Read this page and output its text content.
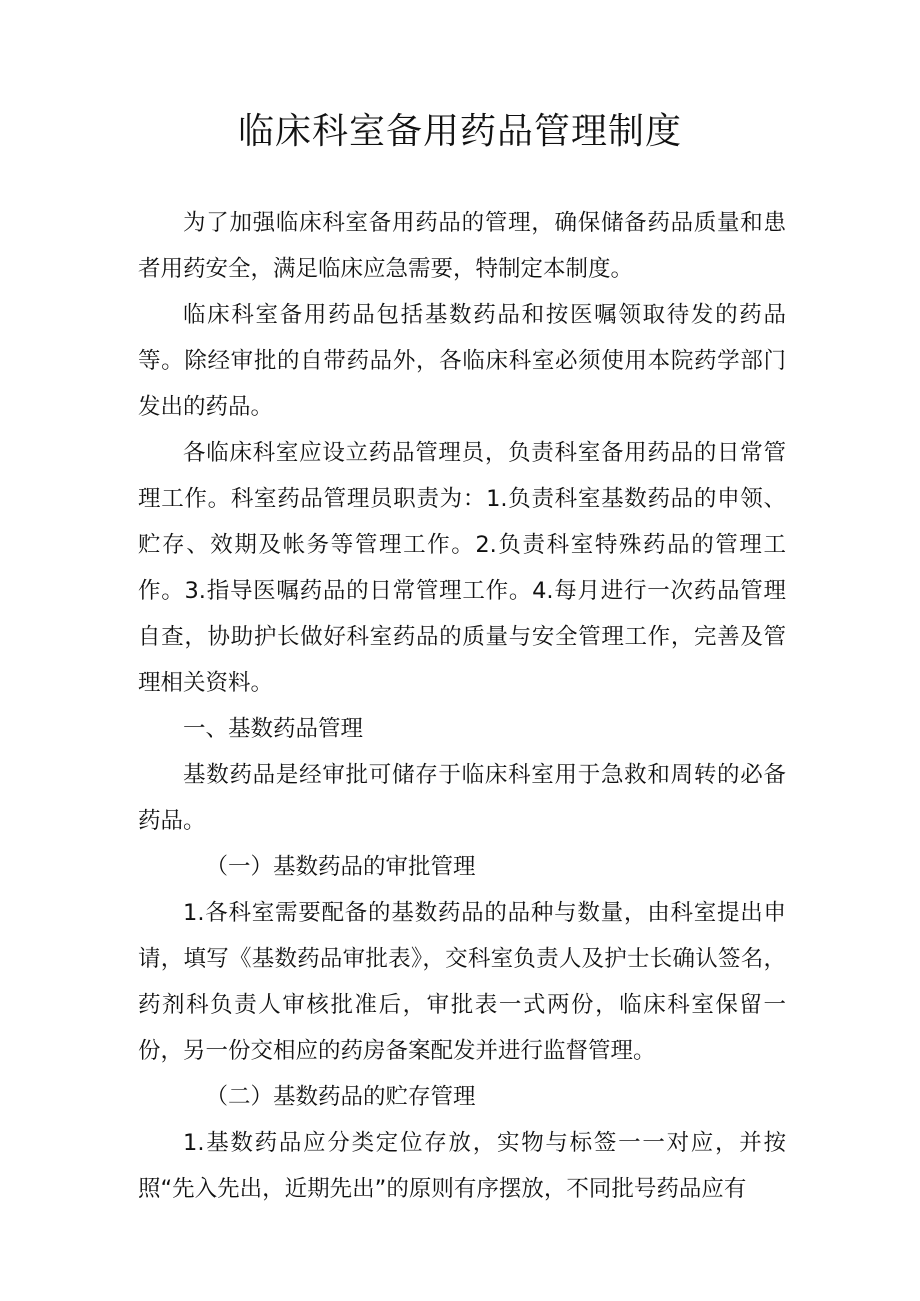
临床科室备用药品管理制度

为了加强临床科室备用药品的管理，确保储备药品质量和患者用药安全，满足临床应急需要，特制定本制度。

临床科室备用药品包括基数药品和按医嘱领取待发的药品等。除经审批的自带药品外，各临床科室必须使用本院药学部门发出的药品。

各临床科室应设立药品管理员，负责科室备用药品的日常管理工作。科室药品管理员职责为：1.负责科室基数药品的申领、贮存、效期及帐务等管理工作。2.负责科室特殊药品的管理工作。3.指导医嘱药品的日常管理工作。4.每月进行一次药品管理自查，协助护长做好科室药品的质量与安全管理工作，完善及管理相关资料。

一、基数药品管理

基数药品是经审批可储存于临床科室用于急救和周转的必备药品。

（一）基数药品的审批管理

1.各科室需要配备的基数药品的品种与数量，由科室提出申请，填写《基数药品审批表》，交科室负责人及护士长确认签名，药剂科负责人审核批准后，审批表一式两份，临床科室保留一份，另一份交相应的药房备案配发并进行监督管理。

（二）基数药品的贮存管理

1.基数药品应分类定位存放，实物与标签一一对应，并按照“先入先出，近期先出”的原则有序摆放，不同批号药品应有
